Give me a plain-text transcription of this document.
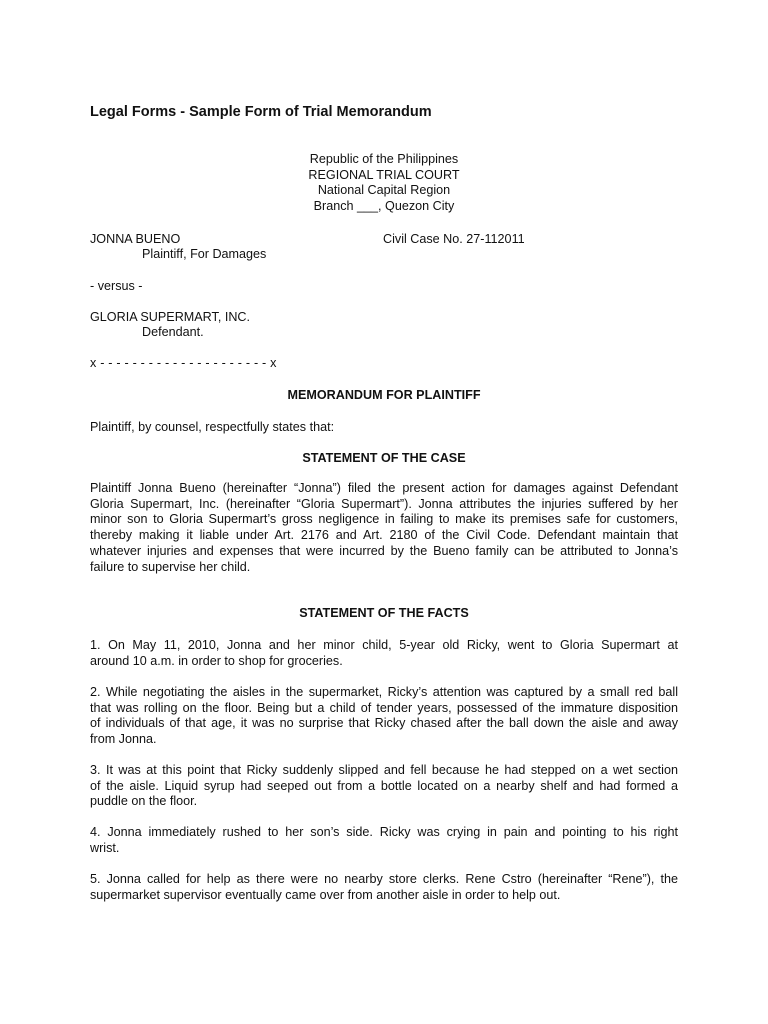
Legal Forms - Sample Form of Trial Memorandum
Republic of the Philippines
REGIONAL TRIAL COURT
National Capital Region
Branch ___, Quezon City
JONNA BUENO	Civil Case No. 27-112011
Plaintiff, For Damages
- versus -
GLORIA SUPERMART, INC.
Defendant.
x - - - - - - - - - - - - - - - - - - - - - x
MEMORANDUM FOR PLAINTIFF
Plaintiff, by counsel, respectfully states that:
STATEMENT OF THE CASE
Plaintiff Jonna Bueno (hereinafter “Jonna”) filed the present action for damages against Defendant
Gloria Supermart, Inc. (hereinafter “Gloria Supermart”). Jonna attributes the injuries suffered by her
minor son to Gloria Supermart’s gross negligence in failing to make its premises safe for customers,
thereby making it liable under Art. 2176 and Art. 2180 of the Civil Code. Defendant maintain that
whatever injuries and expenses that were incurred by the Bueno family can be attributed to Jonna’s
failure to supervise her child.
STATEMENT OF THE FACTS
1. On May 11, 2010, Jonna and her minor child, 5-year old Ricky, went to Gloria Supermart at
around 10 a.m. in order to shop for groceries.
2. While negotiating the aisles in the supermarket, Ricky’s attention was captured by a small red ball
that was rolling on the floor. Being but a child of tender years, possessed of the immature disposition
of individuals of that age, it was no surprise that Ricky chased after the ball down the aisle and away
from Jonna.
3. It was at this point that Ricky suddenly slipped and fell because he had stepped on a wet section
of the aisle. Liquid syrup had seeped out from a bottle located on a nearby shelf and had formed a
puddle on the floor.
4. Jonna immediately rushed to her son’s side. Ricky was crying in pain and pointing to his right
wrist.
5. Jonna called for help as there were no nearby store clerks. Rene Cstro (hereinafter “Rene”), the
supermarket supervisor eventually came over from another aisle in order to help out.
